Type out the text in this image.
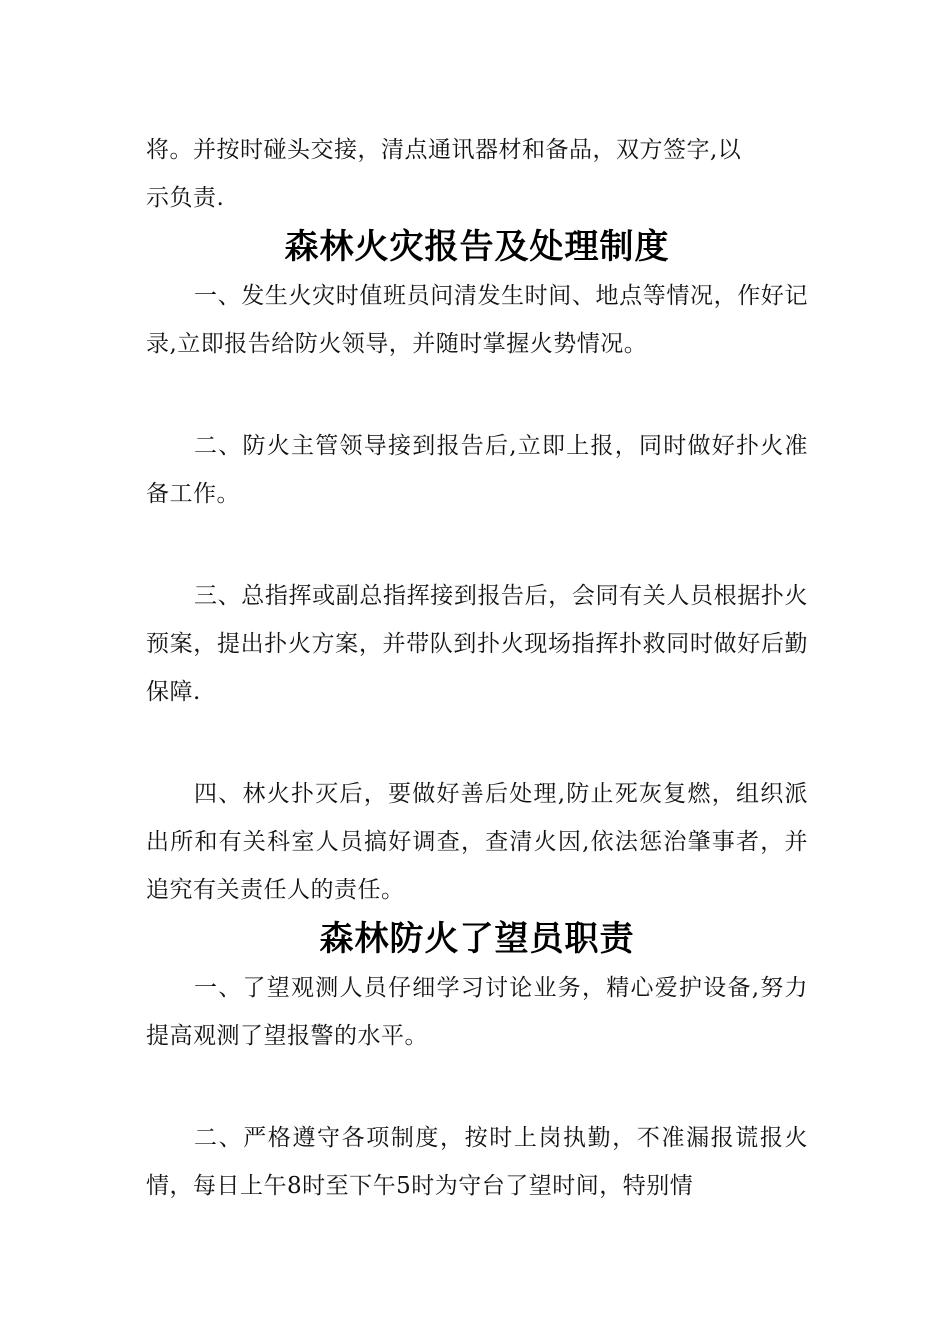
将。并按时碰头交接，清点通讯器材和备品，双方签字,以

示负责.

森林火灾报告及处理制度

一、发生火灾时值班员问清发生时间、地点等情况，作好记录,立即报告给防火领导，并随时掌握火势情况。

二、防火主管领导接到报告后,立即上报，同时做好扑火准备工作。

三、总指挥或副总指挥接到报告后，会同有关人员根据扑火预案，提出扑火方案，并带队到扑火现场指挥扑救同时做好后勤保障.

四、林火扑灭后，要做好善后处理,防止死灰复燃，组织派出所和有关科室人员搞好调查，查清火因,依法惩治肇事者，并追究有关责任人的责任。

森林防火了望员职责

一、了望观测人员仔细学习讨论业务，精心爱护设备,努力提高观测了望报警的水平。

二、严格遵守各项制度，按时上岗执勤，不准漏报谎报火情，每日上午8时至下午5时为守台了望时间，特别情
